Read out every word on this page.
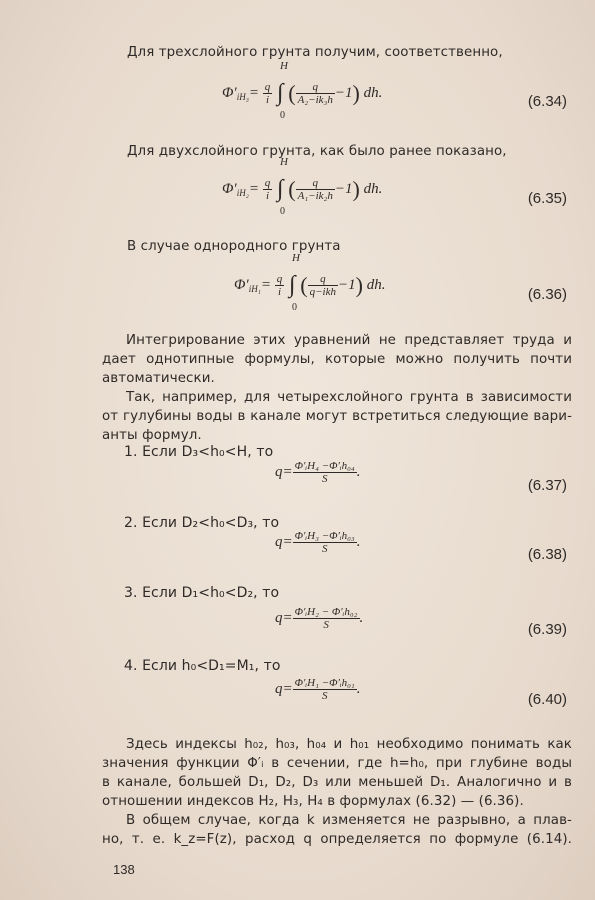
Для трехслойного грунта получим, соответственно,
$\Phi'_{iH_3}= \frac{q}{i}$ ∫
H
0
( $\frac{q}{\text{A₂−ik₃h}} -1$) dh.
(6.34)
Для двухслойного грунта, как было ранее показано,
$\Phi'_{iH_2}= \frac{q}{i}$ ∫
H
0
( $\frac{q}{\text{A₁−ik₂h}} -1$) dh.
(6.35)
В случае однородного грунта
$\Phi'_{iH_1}= \frac{q}{i}$ ∫
H
0
( $\frac{q}{\text{q−ikh}} -1$) dh.
(6.36)
Интегрирование этих уравнений не представляет труда и
дает однотипные формулы, которые можно получить почти
автоматически.
Так, например, для четырехслойного грунта в зависимости
от гулубины воды в канале могут встретиться следующие вари-
анты формул.
1. Если D₃<h₀<H, то
$q= \frac{\text{Φ′ᵢH₄ −Φ′ᵢh₀₄}}{S}$ .
(6.37)
2. Если D₂<h₀<D₃, то
$q= \frac{\text{Φ′ᵢH₃ −Φ′ᵢh₀₃}}{S}$ .
(6.38)
3. Если D₁<h₀<D₂, то
$q= \frac{\text{Φ′ᵢH₂ − Φ′ᵢh₀₂}}{S}$ .
(6.39)
4. Если h₀<D₁=M₁, то
$q= \frac{\text{Φ′ᵢH₁ −Φ′ᵢh₀₁}}{S}$ .
(6.40)
Здесь индексы h₀₂, h₀₃, h₀₄ и h₀₁ необходимо понимать как
значения функции Φ′ᵢ в сечении, где h=h₀, при глубине воды
в канале, большей D₁, D₂, D₃ или меньшей D₁. Аналогично и в
отношении индексов H₂, H₃, H₄ в формулах (6.32) — (6.36).
В общем случае, когда k изменяется не разрывно, а плав-
но, т. е. k_z=F(z), расход q определяется по формуле (6.14).
138
